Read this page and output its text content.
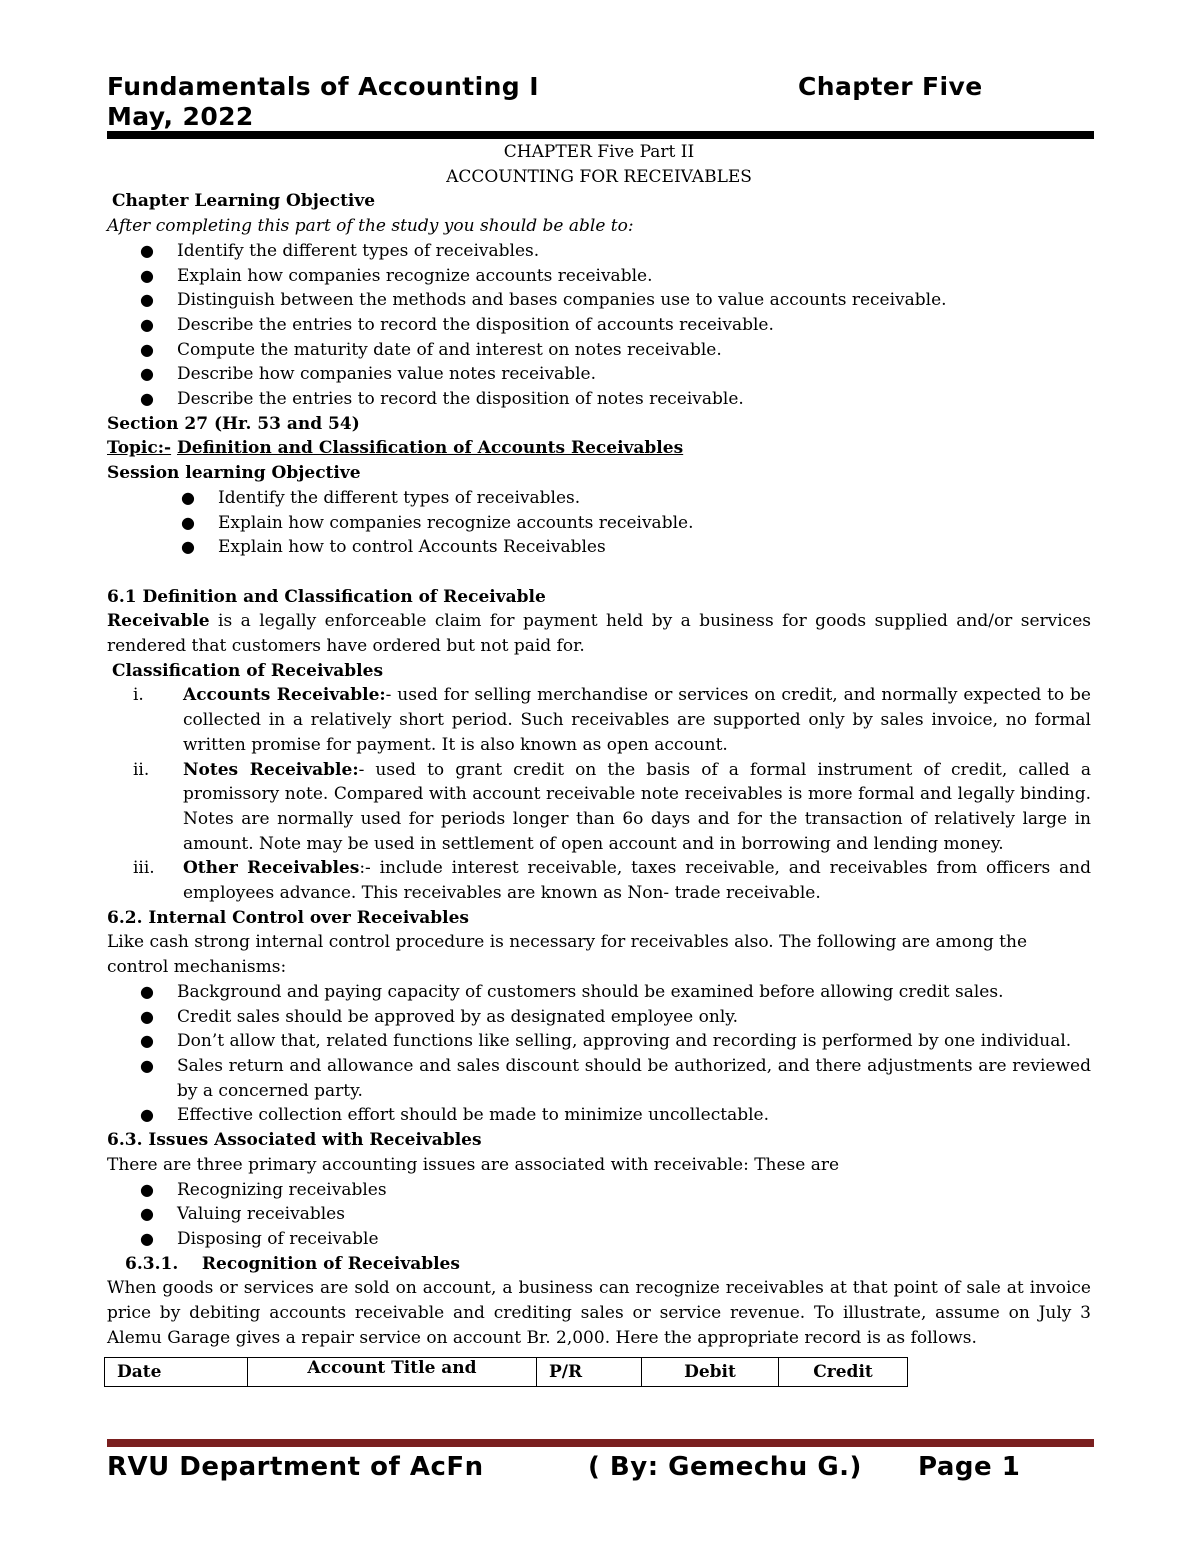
Fundamentals of Accounting I	Chapter Five
May, 2022

CHAPTER Five Part II

ACCOUNTING FOR RECEIVABLES

Chapter Learning Objective

After completing this part of the study you should be able to:

● Identify the different types of receivables.
● Explain how companies recognize accounts receivable.
● Distinguish between the methods and bases companies use to value accounts receivable.
● Describe the entries to record the disposition of accounts receivable.
● Compute the maturity date of and interest on notes receivable.
● Describe how companies value notes receivable.
● Describe the entries to record the disposition of notes receivable.

Section 27 (Hr. 53 and 54)

Topic:- Definition and Classification of Accounts Receivables

Session learning Objective

● Identify the different types of receivables.
● Explain how companies recognize accounts receivable.
● Explain how to control Accounts Receivables

6.1 Definition and Classification of Receivable

Receivable is a legally enforceable claim for payment held by a business for goods supplied and/or services rendered that customers have ordered but not paid for.

Classification of Receivables

i. Accounts Receivable:- used for selling merchandise or services on credit, and normally expected to be collected in a relatively short period. Such receivables are supported only by sales invoice, no formal written promise for payment. It is also known as open account.
ii. Notes Receivable:- used to grant credit on the basis of a formal instrument of credit, called a promissory note. Compared with account receivable note receivables is more formal and legally binding. Notes are normally used for periods longer than 6o days and for the transaction of relatively large in amount. Note may be used in settlement of open account and in borrowing and lending money.
iii. Other Receivables:- include interest receivable, taxes receivable, and receivables from officers and employees advance. This receivables are known as Non- trade receivable.

6.2. Internal Control over Receivables

Like cash strong internal control procedure is necessary for receivables also. The following are among the control mechanisms:

● Background and paying capacity of customers should be examined before allowing credit sales.
● Credit sales should be approved by as designated employee only.
● Don’t allow that, related functions like selling, approving and recording is performed by one individual.
● Sales return and allowance and sales discount should be authorized, and there adjustments are reviewed by a concerned party.
● Effective collection effort should be made to minimize uncollectable.

6.3. Issues Associated with Receivables

There are three primary accounting issues are associated with receivable: These are

● Recognizing receivables
● Valuing receivables
● Disposing of receivable

6.3.1.    Recognition of Receivables

When goods or services are sold on account, a business can recognize receivables at that point of sale at invoice price by debiting accounts receivable and crediting sales or service revenue. To illustrate, assume on July 3 Alemu Garage gives a repair service on account Br. 2,000. Here the appropriate record is as follows.

Date	Account Title and	P/R	Debit	Credit
RVU Department of AcFn	( By: Gemechu G.) Page 1
